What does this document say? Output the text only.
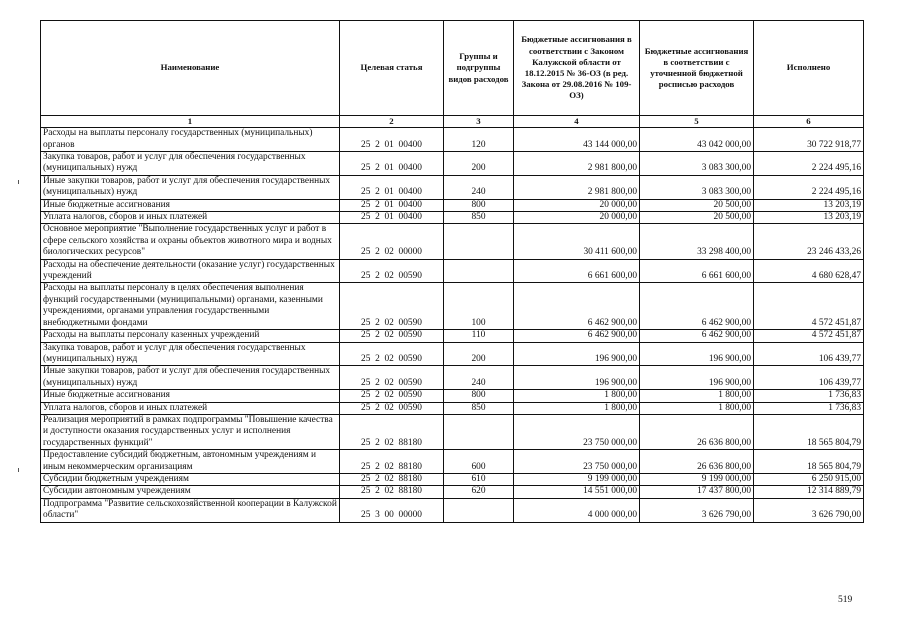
Наименование	Целевая статья	Группы и подгруппы видов расходов	Бюджетные ассигнования в соответствии с Законом Калужской области от 18.12.2015 № 36-ОЗ (в ред. Закона от 29.08.2016 № 109-ОЗ)	Бюджетные ассигнования в соответствии с уточненной бюджетной росписью расходов	Исполнено
1	2	3	4	5	6
Расходы на выплаты персоналу государственных (муниципальных) органов	25  2  01  00400	120	43 144 000,00	43 042 000,00	30 722 918,77
Закупка товаров, работ и услуг для обеспечения государственных (муниципальных) нужд	25  2  01  00400	200	2 981 800,00	3 083 300,00	2 224 495,16
Иные закупки товаров, работ и услуг для обеспечения государственных (муниципальных) нужд	25  2  01  00400	240	2 981 800,00	3 083 300,00	2 224 495,16
Иные бюджетные ассигнования	25  2  01  00400	800	20 000,00	20 500,00	13 203,19
Уплата налогов, сборов и иных платежей	25  2  01  00400	850	20 000,00	20 500,00	13 203,19
Основное мероприятие "Выполнение государственных услуг и работ в сфере сельского хозяйства и охраны объектов животного мира и водных биологических ресурсов"	25  2  02  00000		30 411 600,00	33 298 400,00	23 246 433,26
Расходы на обеспечение деятельности (оказание услуг) государственных учреждений	25  2  02  00590		6 661 600,00	6 661 600,00	4 680 628,47
Расходы на выплаты персоналу в целях обеспечения выполнения функций государственными (муниципальными) органами, казенными учреждениями, органами управления государственными внебюджетными фондами	25  2  02  00590	100	6 462 900,00	6 462 900,00	4 572 451,87
Расходы на выплаты персоналу казенных учреждений	25  2  02  00590	110	6 462 900,00	6 462 900,00	4 572 451,87
Закупка товаров, работ и услуг для обеспечения государственных (муниципальных) нужд	25  2  02  00590	200	196 900,00	196 900,00	106 439,77
Иные закупки товаров, работ и услуг для обеспечения государственных (муниципальных) нужд	25  2  02  00590	240	196 900,00	196 900,00	106 439,77
Иные бюджетные ассигнования	25  2  02  00590	800	1 800,00	1 800,00	1 736,83
Уплата налогов, сборов и иных платежей	25  2  02  00590	850	1 800,00	1 800,00	1 736,83
Реализация мероприятий в рамках подпрограммы "Повышение качества и доступности оказания государственных услуг и исполнения государственных функций"	25  2  02  88180		23 750 000,00	26 636 800,00	18 565 804,79
Предоставление субсидий бюджетным, автономным учреждениям и иным некоммерческим организациям	25  2  02  88180	600	23 750 000,00	26 636 800,00	18 565 804,79
Субсидии бюджетным учреждениям	25  2  02  88180	610	9 199 000,00	9 199 000,00	6 250 915,00
Субсидии автономным учреждениям	25  2  02  88180	620	14 551 000,00	17 437 800,00	12 314 889,79
Подпрограмма "Развитие сельскохозяйственной кооперации в Калужской области"	25  3  00  00000		4 000 000,00	3 626 790,00	3 626 790,00
519
